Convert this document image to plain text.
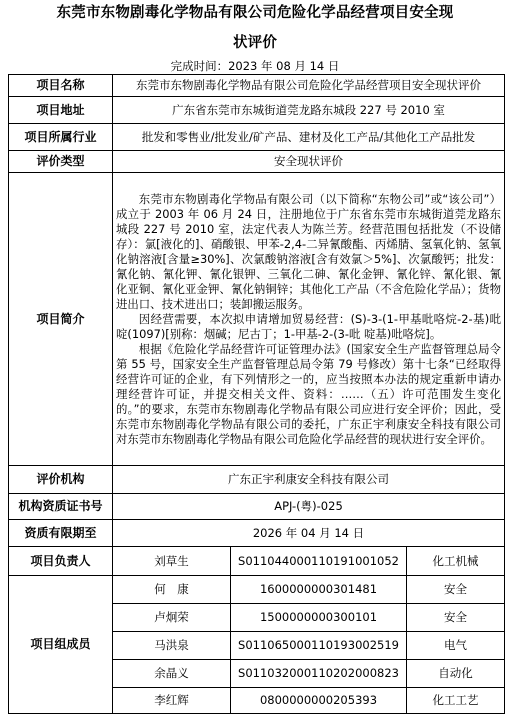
东莞市东物剧毒化学物品有限公司危险化学品经营项目安全现
状评价
完成时间：2023 年 08 月 14 日
项目名称	东莞市东物剧毒化学物品有限公司危险化学品经营项目安全现状评价		
项目地址	广东省东莞市东城街道莞龙路东城段 227 号 2010 室		
项目所属行业	批发和零售业/批发业/矿产品、建材及化工产品/其他化工产品批发		
评价类型	安全现状评价		
项目简介	东莞市东物剧毒化学物品有限公司（以下简称“东物公司”或“该公司”）成立于 2003 年 06 月 24 日，注册地位于广东省东莞市东城街道莞龙路东城段 227 号 2010 室，法定代表人为陈兰芳。经营范围包括批发（不设储存）：氯[液化的]、硝酸银、甲苯-2,4-二异氰酸酯、丙烯腈、氢氧化钠、氢氧化钠溶液[含量≥30%]、次氯酸钠溶液[含有效氯＞5%]、次氯酸钙；批发：氰化钠、氰化钾、氰化银钾、三氧化二砷、氰化金钾、氰化锌、氰化银、氰化亚铜、氰化亚金钾、氰化钠铜锌；其他化工产品（不含危险化学品）；货物进出口、技术进出口；装卸搬运服务。

因经营需要，本次拟申请增加贸易经营：(S)-3-(1-甲基吡咯烷-2-基)吡啶(1097)[别称：烟碱；尼古丁；1-甲基-2-(3-吡 啶基)吡咯烷]。

根据《危险化学品经营许可证管理办法》(国家安全生产监督管理总局令第 55 号，国家安全生产监督管理总局令第 79 号修改）第十七条“已经取得经营许可证的企业，有下列情形之一的，应当按照本办法的规定重新申请办理经营许可证，并提交相关文件、资料：……（五）许可范围发生变化的。”的要求，东莞市东物剧毒化学物品有限公司应进行安全评价；因此，受东莞市东物剧毒化学物品有限公司的委托，广东正宇利康安全科技有限公司对东莞市东物剧毒化学物品有限公司危险化学品经营的现状进行安全评价。		

评价机构	广东正宇利康安全科技有限公司		
机构资质证书号	APJ-(粤)-025		
资质有限期至	2026 年 04 月 14 日		
项目负责人	刘草生	S011044000110191001052	化工机械
项目组成员	何　康	1600000000301481	安全
	卢炯荣	1500000000300101	安全
	马洪泉	S011065000110193002519	电气
	余晶义	S011032000110202000823	自动化
	李红辉	0800000000205393	化工工艺
